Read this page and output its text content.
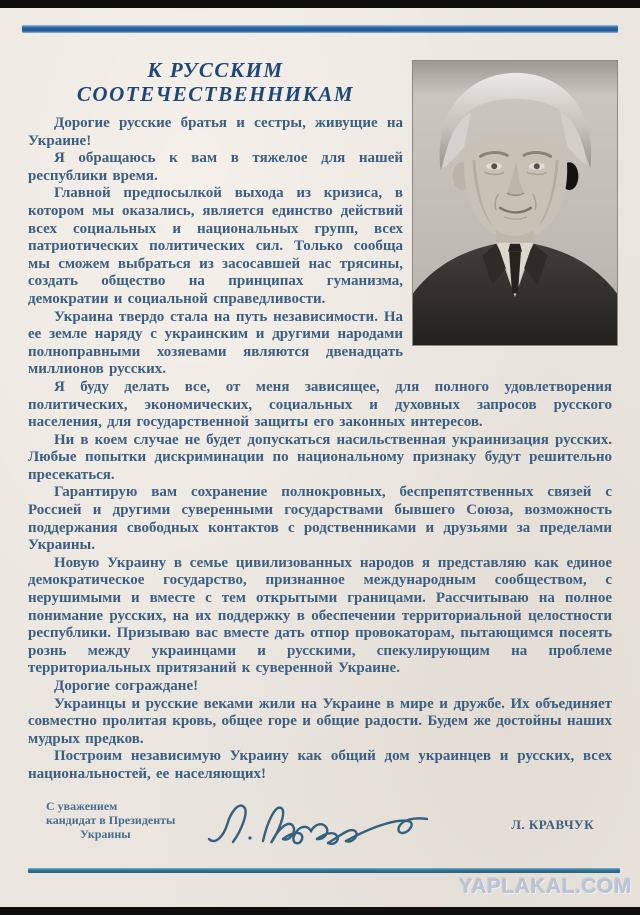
К РУССКИМ
СООТЕЧЕСТВЕННИКАМ

Дорогие русские братья и сестры, живущие на Украине!

Я обращаюсь к вам в тяжелое для нашей республики время.

Главной предпосылкой выхода из кризиса, в котором мы оказались, является единство действий всех социальных и национальных групп, всех патриотических политических сил. Только сообща мы сможем выбраться из засосавшей нас трясины, создать общество на принципах гуманизма, демократии и социальной справедливости.

Украина твердо стала на путь независимости. На ее земле наряду с украинским и другими народами полноправными хозяевами являются двенадцать миллионов русских.

Я буду делать все, от меня зависящее, для полного удовлетворения политических, экономических, социальных и духовных запросов русского населения, для государственной защиты его законных интересов.

Ни в коем случае не будет допускаться насильственная украинизация русских. Любые попытки дискриминации по национальному признаку будут решительно пресекаться.

Гарантирую вам сохранение полнокровных, беспрепятственных связей с Россией и другими суверенными государствами бывшего Союза, возможность поддержания свободных контактов с родственниками и друзьями за пределами Украины.

Новую Украину в семье цивилизованных народов я представляю как единое демократическое государство, признанное международным сообществом, с нерушимыми и вместе с тем открытыми границами. Рассчитываю на полное понимание русских, на их поддержку в обеспечении территориальной целостности республики. Призываю вас вместе дать отпор провокаторам, пытающимся посеять рознь между украинцами и русскими, спекулирующим на проблеме территориальных притязаний к суверенной Украине.

Дорогие сограждане!

Украинцы и русские веками жили на Украине в мире и дружбе. Их объединяет совместно пролитая кровь, общее горе и общие радости. Будем же достойны наших мудрых предков.

Построим независимую Украину как общий дом украинцев и русских, всех национальностей, ее населяющих!

С уважением
кандидат в Президенты
Украины
Л. КРАВЧУК
YAPLAKAL.COM
